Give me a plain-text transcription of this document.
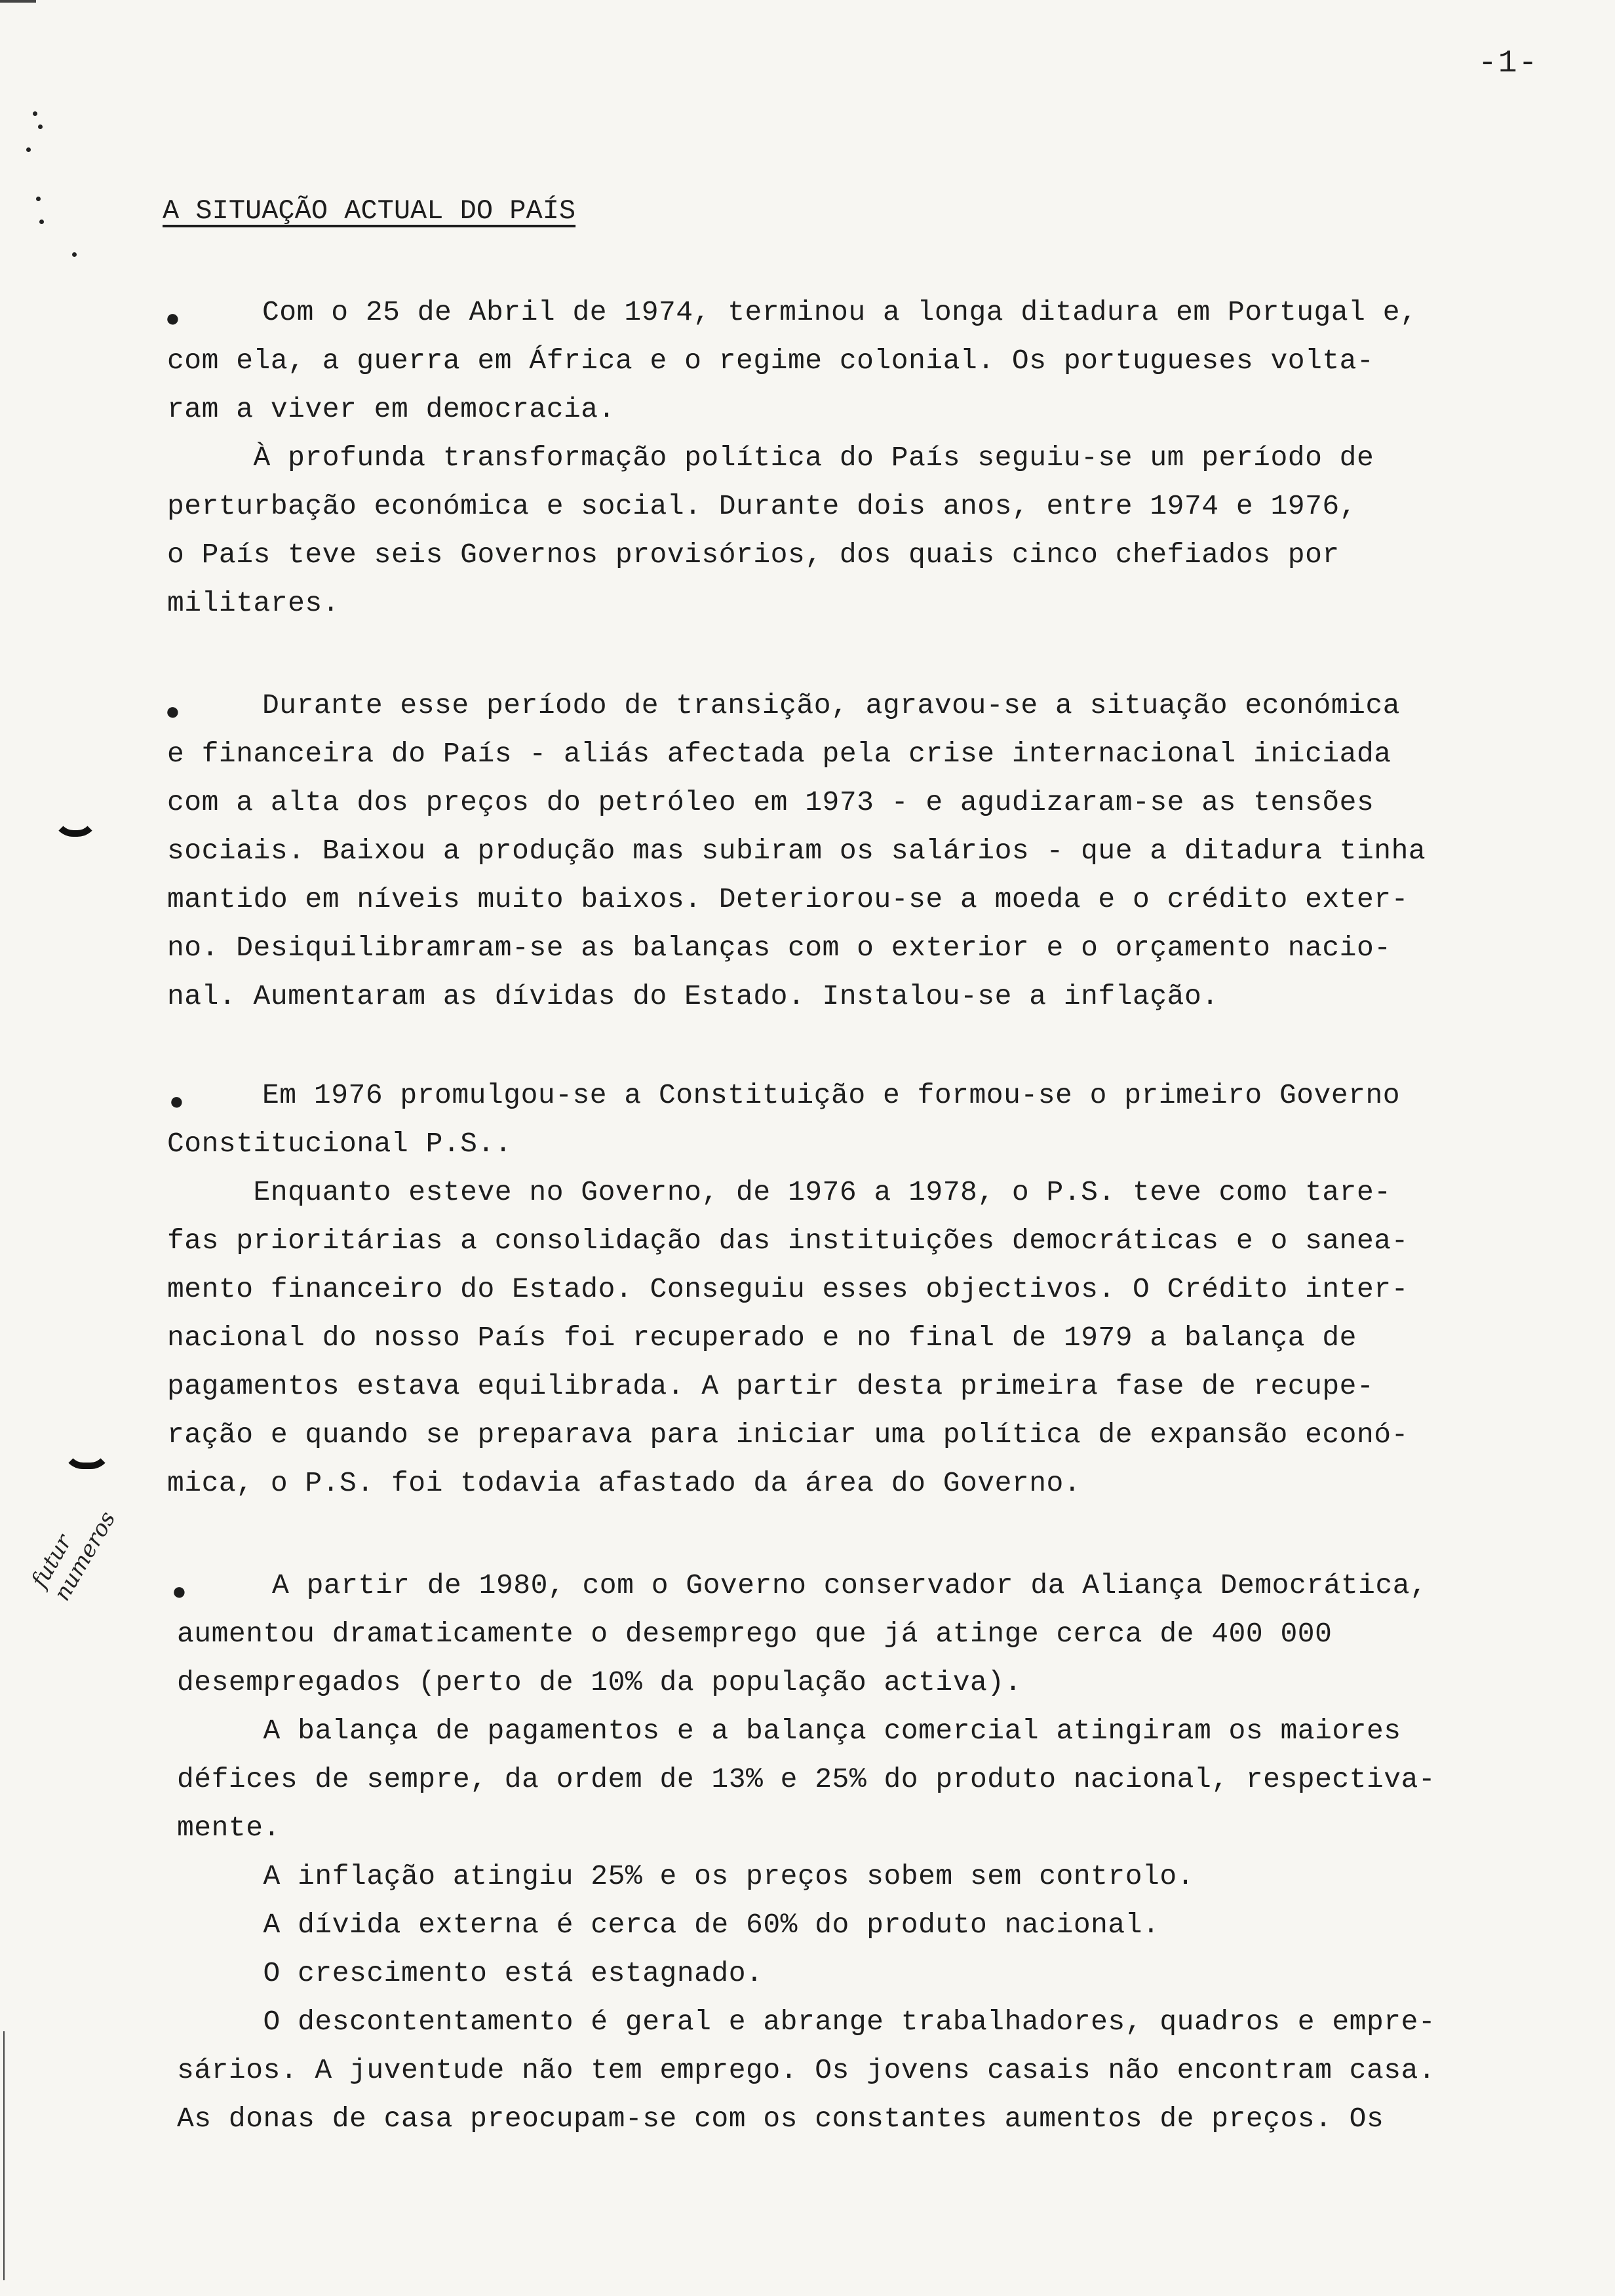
-1-
A SITUAÇÃO ACTUAL DO PAÍS
●
●
●
●
Com o 25 de Abril de 1974, terminou a longa ditadura em Portugal e,
com ela, a guerra em África e o regime colonial. Os portugueses volta-
ram a viver em democracia.
À profunda transformação política do País seguiu-se um período de
perturbação económica e social. Durante dois anos, entre 1974 e 1976,
o País teve seis Governos provisórios, dos quais cinco chefiados por
militares.
Durante esse período de transição, agravou-se a situação económica
e financeira do País - aliás afectada pela crise internacional iniciada
com a alta dos preços do petróleo em 1973 - e agudizaram-se as tensões
sociais. Baixou a produção mas subiram os salários - que a ditadura tinha
mantido em níveis muito baixos. Deteriorou-se a moeda e o crédito exter-
no. Desiquilibramram-se as balanças com o exterior e o orçamento nacio-
nal. Aumentaram as dívidas do Estado. Instalou-se a inflação.
Em 1976 promulgou-se a Constituição e formou-se o primeiro Governo
Constitucional P.S..
Enquanto esteve no Governo, de 1976 a 1978, o P.S. teve como tare-
fas prioritárias a consolidação das instituições democráticas e o sanea-
mento financeiro do Estado. Conseguiu esses objectivos. O Crédito inter-
nacional do nosso País foi recuperado e no final de 1979 a balança de
pagamentos estava equilibrada. A partir desta primeira fase de recupe-
ração e quando se preparava para iniciar uma política de expansão econó-
mica, o P.S. foi todavia afastado da área do Governo.
A partir de 1980, com o Governo conservador da Aliança Democrática,
aumentou dramaticamente o desemprego que já atinge cerca de 400 000
desempregados (perto de 10% da população activa).
A balança de pagamentos e a balança comercial atingiram os maiores
défices de sempre, da ordem de 13% e 25% do produto nacional, respectiva-
mente.
A inflação atingiu 25% e os preços sobem sem controlo.
A dívida externa é cerca de 60% do produto nacional.
O crescimento está estagnado.
O descontentamento é geral e abrange trabalhadores, quadros e empre-
sários. A juventude não tem emprego. Os jovens casais não encontram casa.
As donas de casa preocupam-se com os constantes aumentos de preços. Os
futur
numeros
